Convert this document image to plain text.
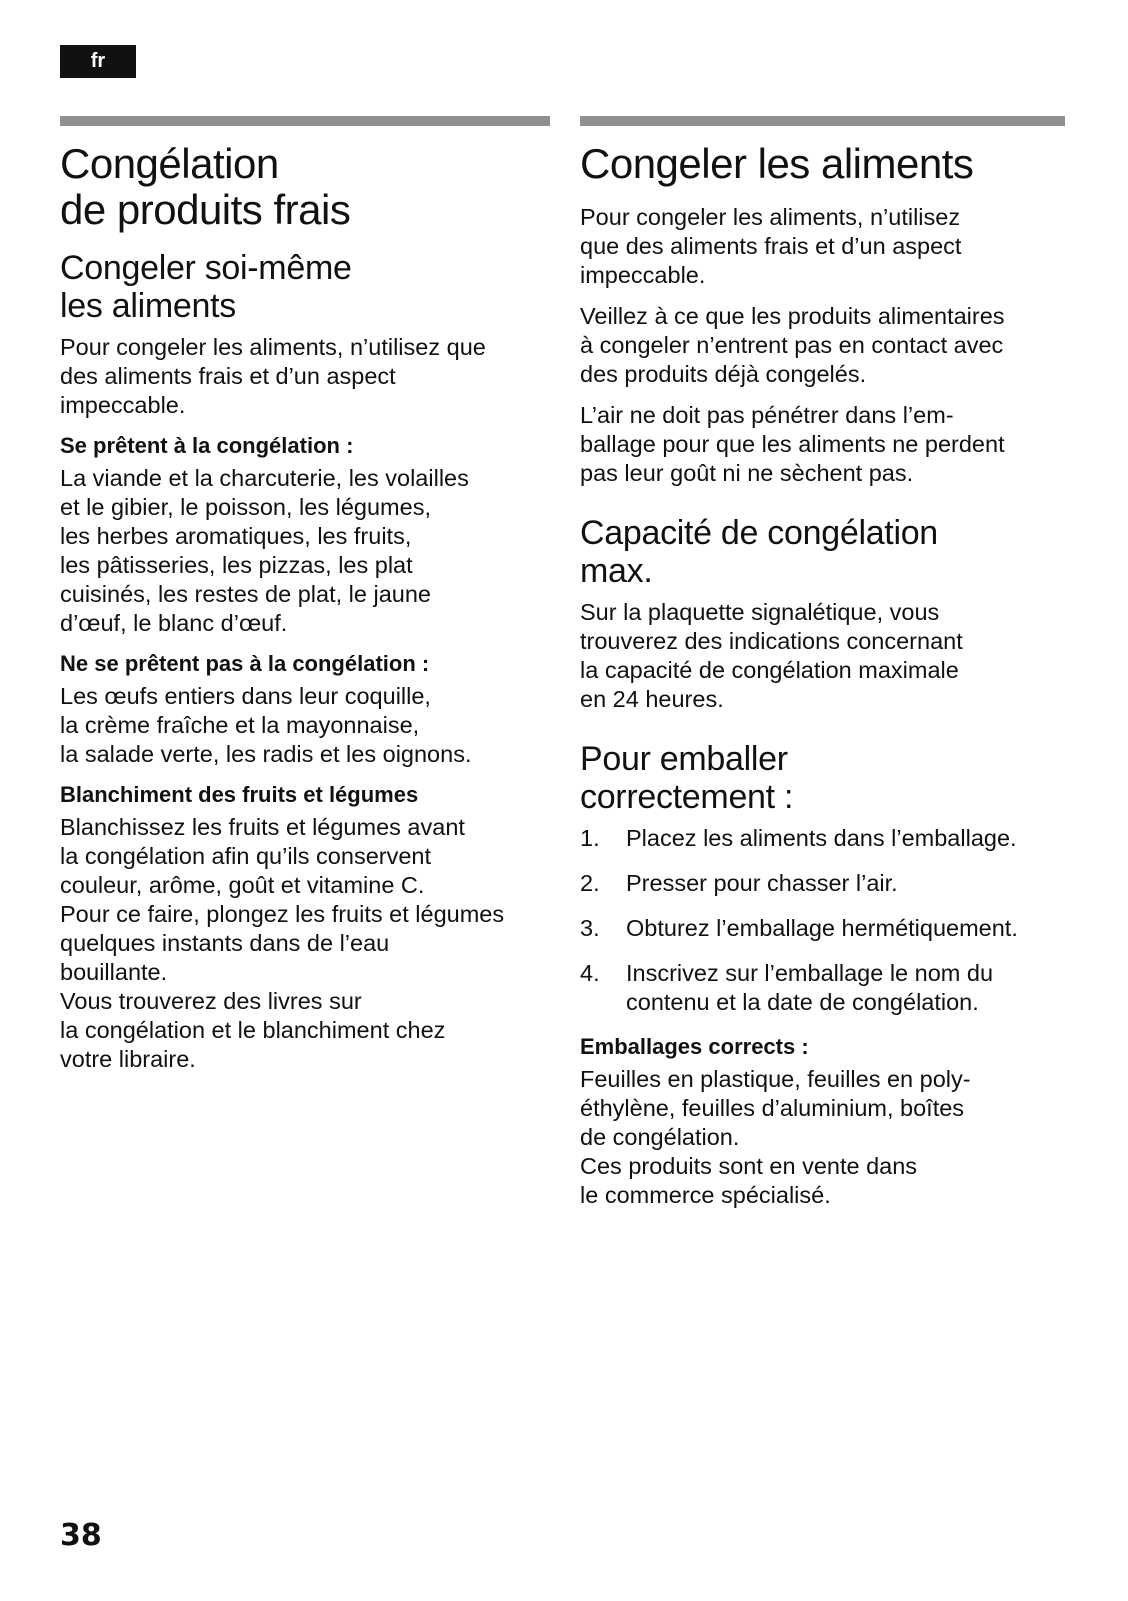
fr
Congélation
de produits frais
Congeler soi-même
les aliments

Pour congeler les aliments, n’utilisez que
des aliments frais et d’un aspect
impeccable.

Se prêtent à la congélation :

La viande et la charcuterie, les volailles
et le gibier, le poisson, les légumes,
les herbes aromatiques, les fruits,
les pâtisseries, les pizzas, les plat
cuisinés, les restes de plat, le jaune
d’œuf, le blanc d’œuf.

Ne se prêtent pas à la congélation :

Les œufs entiers dans leur coquille,
la crème fraîche et la mayonnaise,
la salade verte, les radis et les oignons.

Blanchiment des fruits et légumes

Blanchissez les fruits et légumes avant
la congélation afin qu’ils conservent
couleur, arôme, goût et vitamine C.
Pour ce faire, plongez les fruits et légumes
quelques instants dans de l’eau
bouillante.
Vous trouverez des livres sur
la congélation et le blanchiment chez
votre libraire.

Congeler les aliments

Pour congeler les aliments, n’utilisez
que des aliments frais et d’un aspect
impeccable.

Veillez à ce que les produits alimentaires
à congeler n’entrent pas en contact avec
des produits déjà congelés.

L’air ne doit pas pénétrer dans l’em-
ballage pour que les aliments ne perdent
pas leur goût ni ne sèchent pas.

Capacité de congélation
max.

Sur la plaquette signalétique, vous
trouverez des indications concernant
la capacité de congélation maximale
en 24 heures.

Pour emballer
correctement :
1.	Placez les aliments dans l’emballage.
2.	Presser pour chasser l’air.
3.	Obturez l’emballage hermétiquement.
4.	Inscrivez sur l’emballage le nom du
contenu et la date de congélation.
Emballages corrects :

Feuilles en plastique, feuilles en poly-
éthylène, feuilles d’aluminium, boîtes
de congélation.
Ces produits sont en vente dans
le commerce spécialisé.

38
